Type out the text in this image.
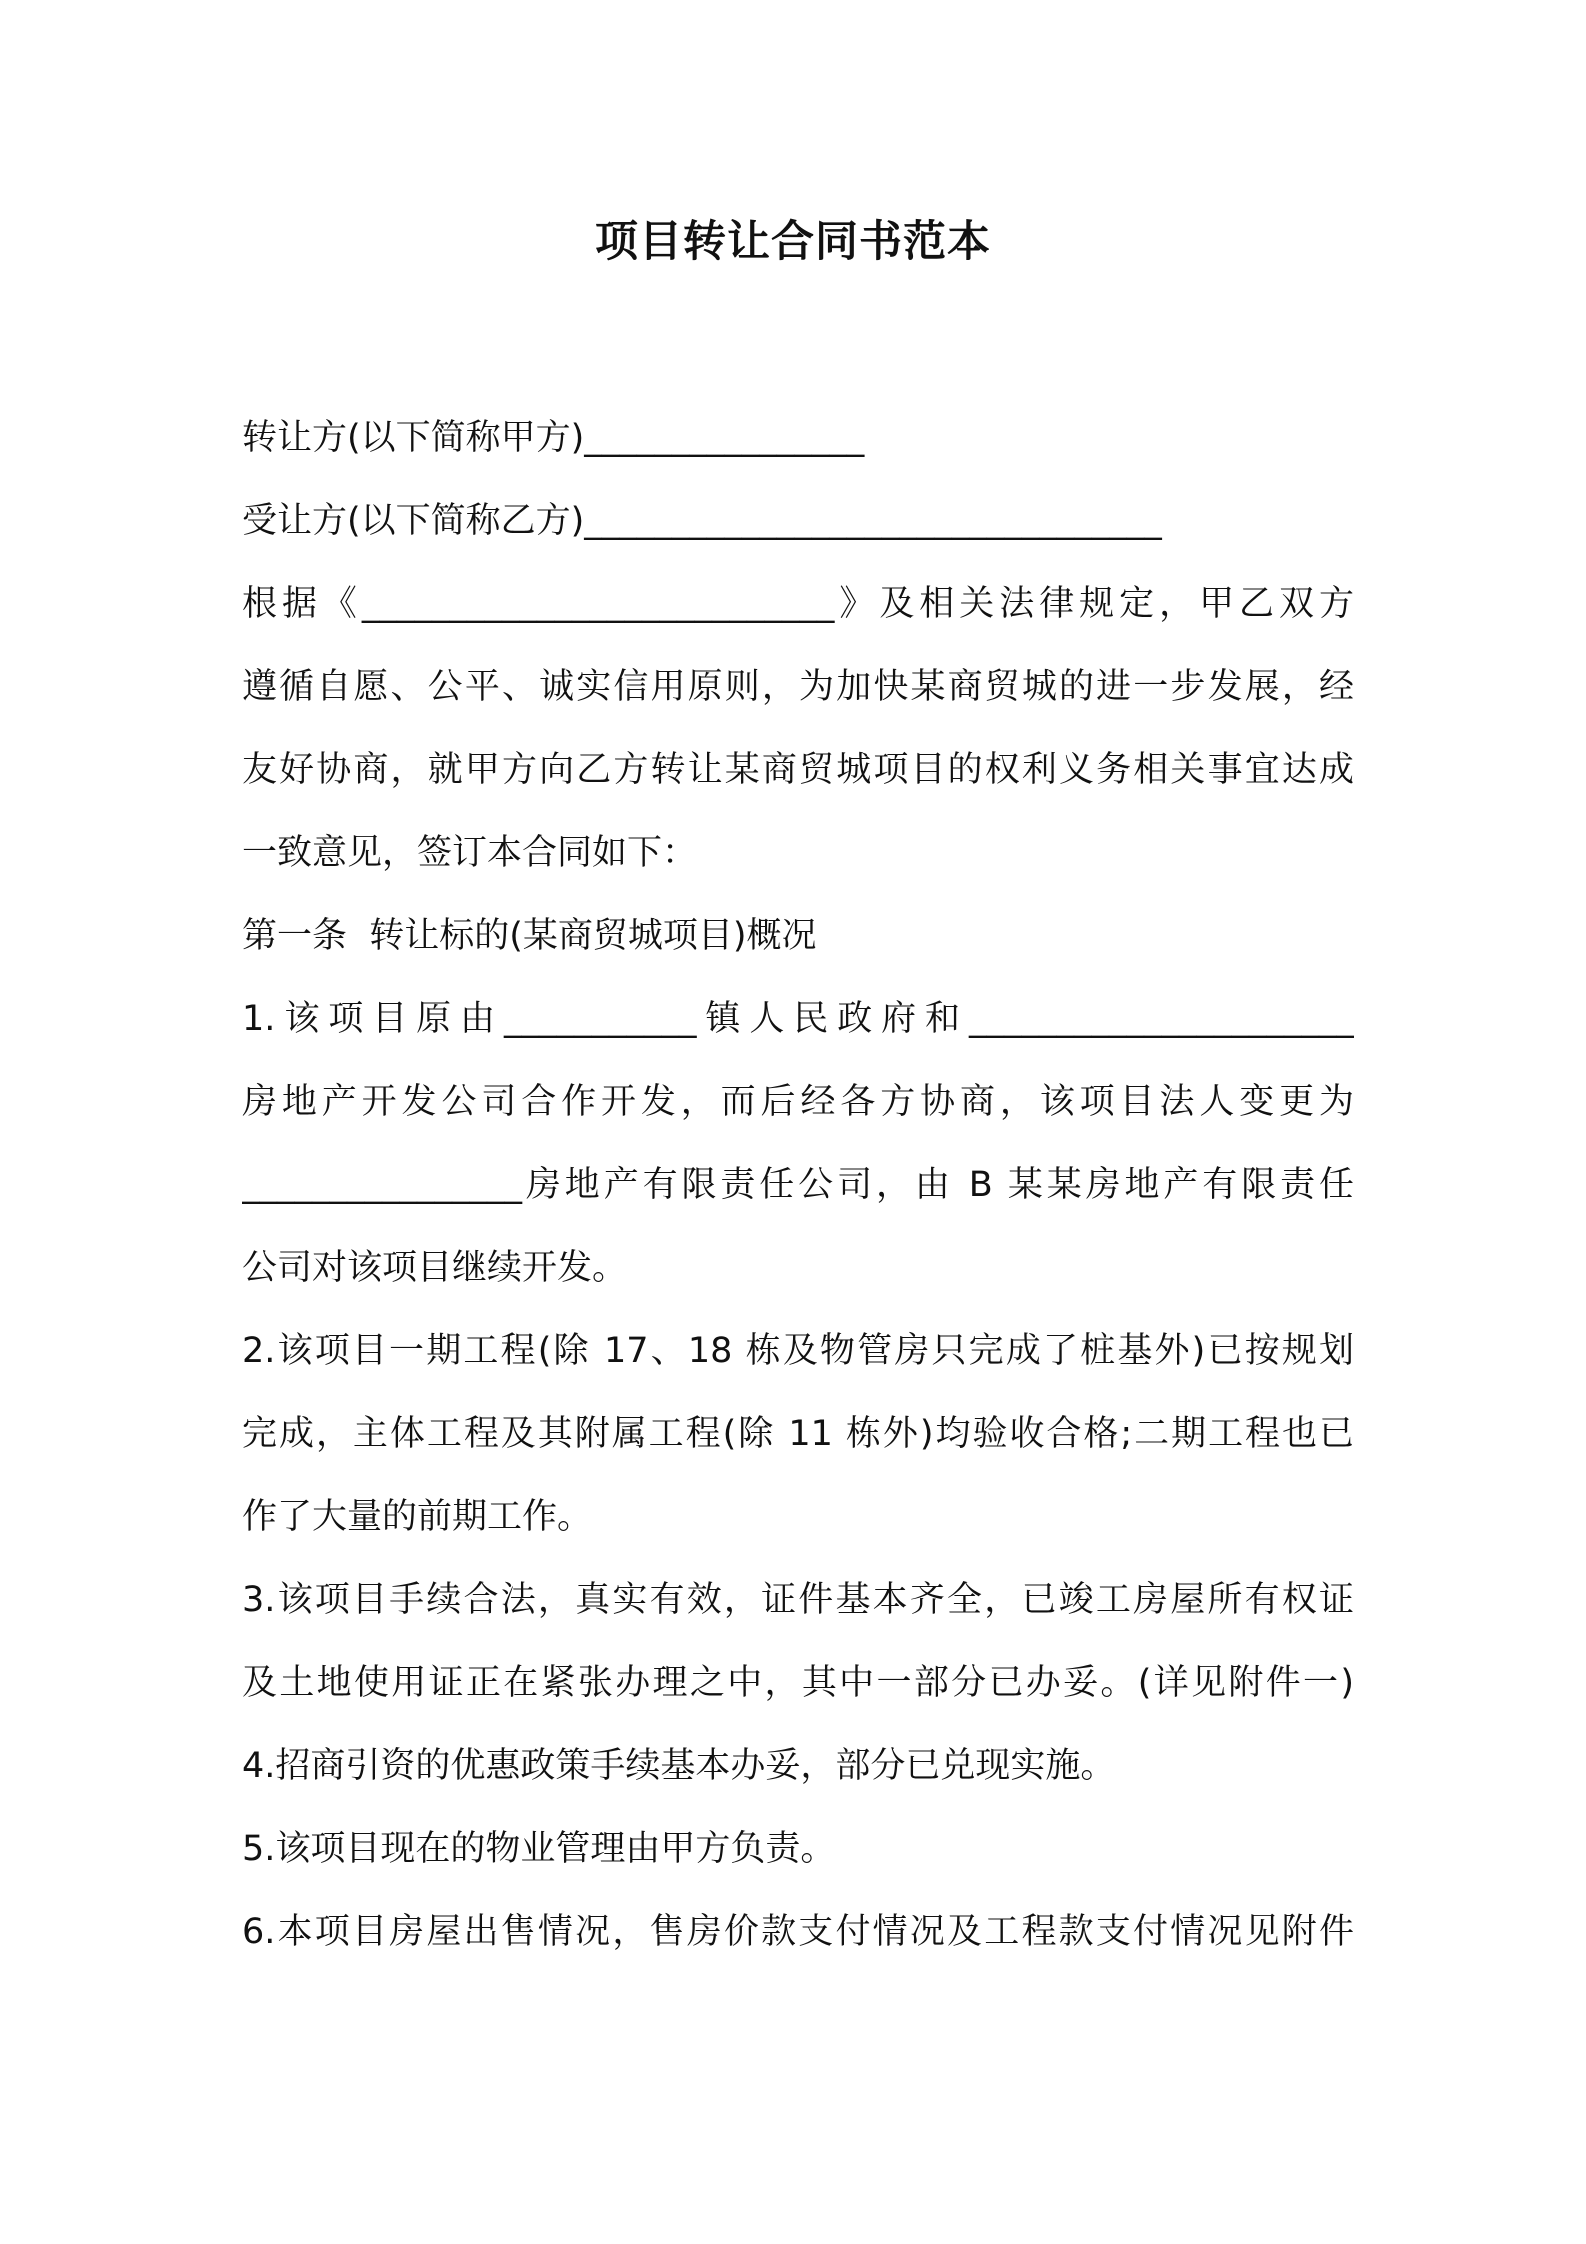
项目转让合同书范本
转让方(以下简称甲方)________________
受让方(以下简称乙方)_________________________________
根据《___________________________》及相关法律规定，甲乙双方
遵循自愿、公平、诚实信用原则，为加快某商贸城的进一步发展，经
友好协商，就甲方向乙方转让某商贸城项目的权利义务相关事宜达成
一致意见，签订本合同如下：
第一条  转让标的(某商贸城项目)概况
1.该项目原由___________镇人民政府和______________________
房地产开发公司合作开发，而后经各方协商，该项目法人变更为
________________房地产有限责任公司，由 B 某某房地产有限责任
公司对该项目继续开发。
2.该项目一期工程(除 17、18 栋及物管房只完成了桩基外)已按规划
完成，主体工程及其附属工程(除 11 栋外)均验收合格;二期工程也已
作了大量的前期工作。
3.该项目手续合法，真实有效，证件基本齐全，已竣工房屋所有权证
及土地使用证正在紧张办理之中，其中一部分已办妥。(详见附件一)
4.招商引资的优惠政策手续基本办妥，部分已兑现实施。
5.该项目现在的物业管理由甲方负责。
6.本项目房屋出售情况，售房价款支付情况及工程款支付情况见附件
